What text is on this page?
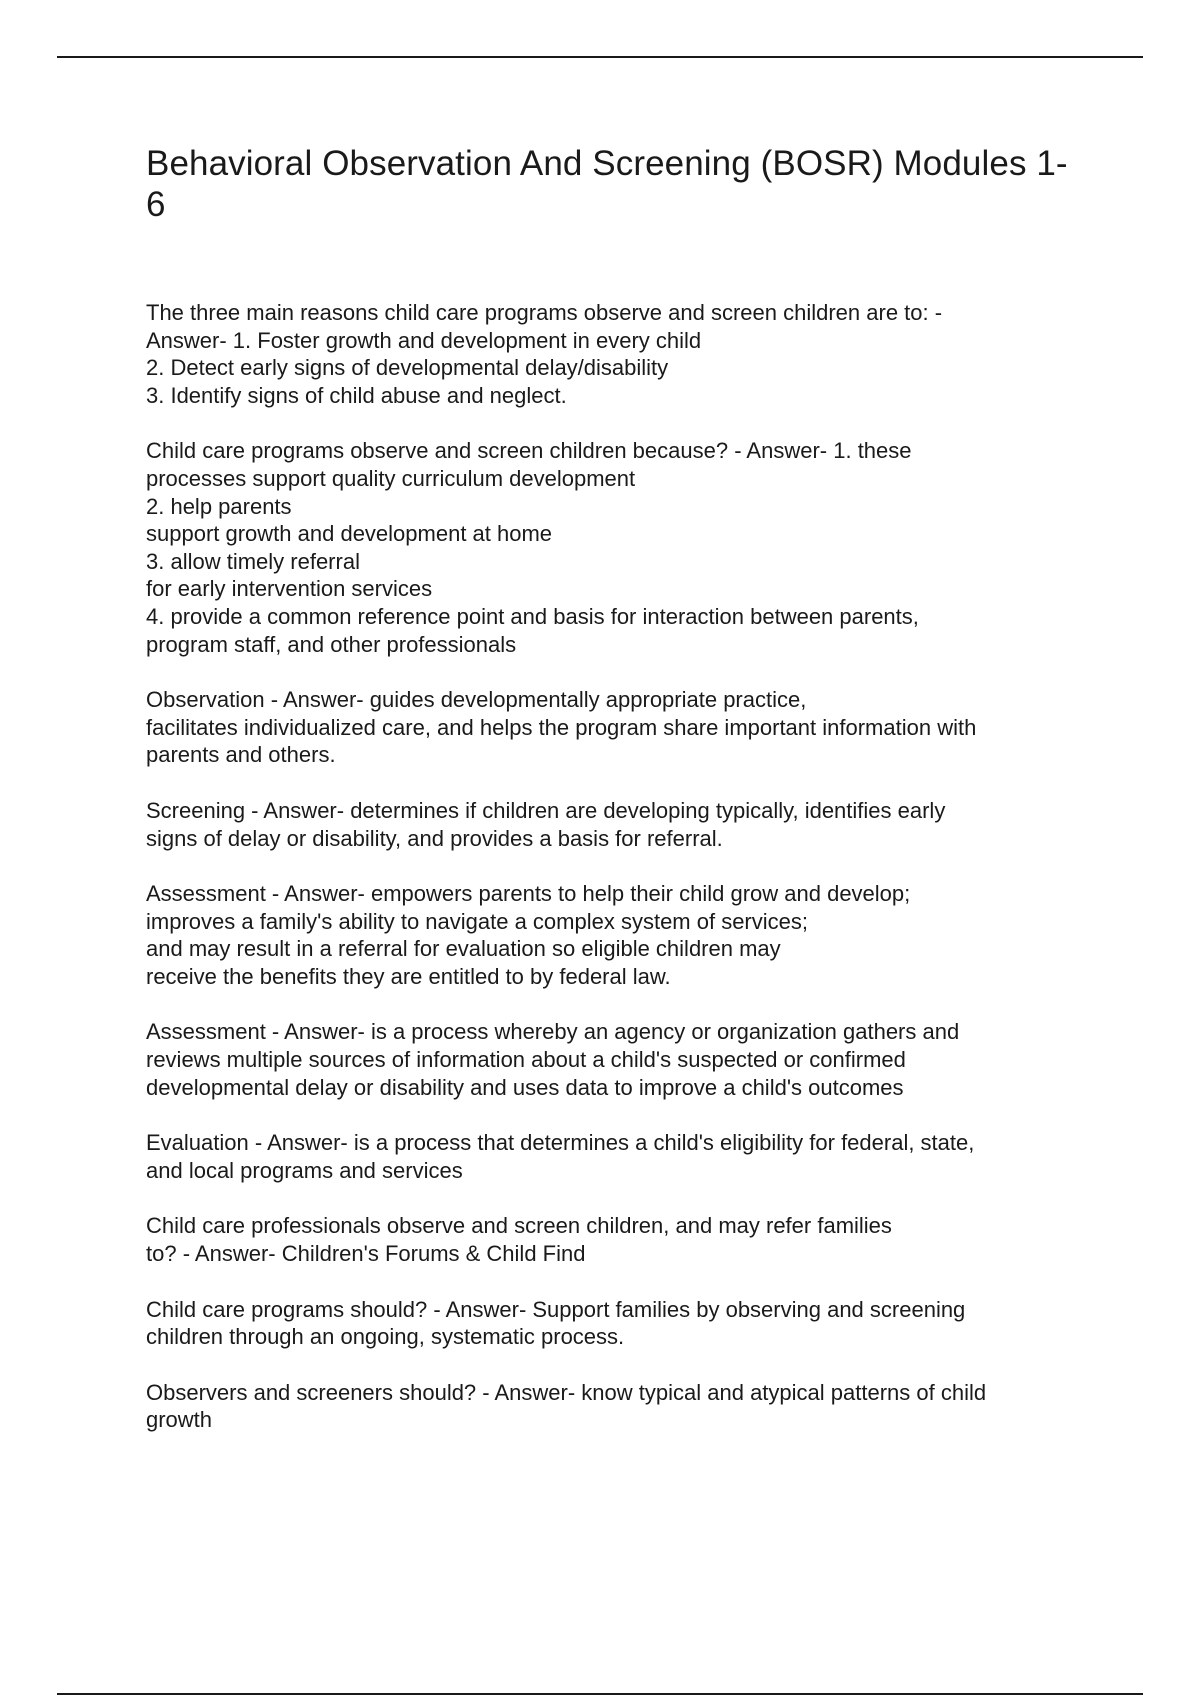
Behavioral Observation And Screening (BOSR) Modules 1-6

The three main reasons child care programs observe and screen children are to: -
Answer- 1. Foster growth and development in every child
2. Detect early signs of developmental delay/disability
3. Identify signs of child abuse and neglect.

Child care programs observe and screen children because? - Answer- 1. these
processes support quality curriculum development
2. help parents
support growth and development at home
3. allow timely referral
for early intervention services
4. provide a common reference point and basis for interaction between parents,
program staff, and other professionals

Observation - Answer- guides developmentally appropriate practice,
facilitates individualized care, and helps the program share important information with
parents and others.

Screening - Answer- determines if children are developing typically, identifies early
signs of delay or disability, and provides a basis for referral.

Assessment - Answer- empowers parents to help their child grow and develop;
improves a family's ability to navigate a complex system of services;
and may result in a referral for evaluation so eligible children may
receive the benefits they are entitled to by federal law.

Assessment - Answer- is a process whereby an agency or organization gathers and
reviews multiple sources of information about a child's suspected or confirmed
developmental delay or disability and uses data to improve a child's outcomes

Evaluation - Answer- is a process that determines a child's eligibility for federal, state,
and local programs and services

Child care professionals observe and screen children, and may refer families
to? - Answer- Children's Forums & Child Find

Child care programs should? - Answer- Support families by observing and screening
children through an ongoing, systematic process.

Observers and screeners should? - Answer- know typical and atypical patterns of child
growth
